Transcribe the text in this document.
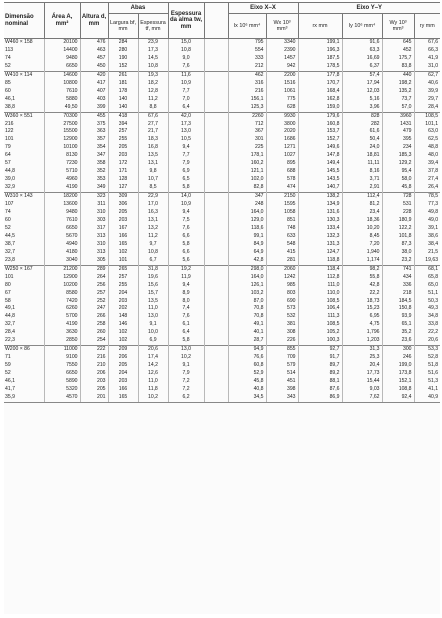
Dimensão nominal	Área A, mm²	Altura d, mm	Abas		Espessura da alma tw, mm		Eixo X–X		Eixo Y–Y			
			Largura bf, mm	Espessura tf, mm			Ix 10⁶ mm⁴	Wx 10³ mm³	rx mm	Iy 10⁶ mm⁴	Wy 10³ mm³	ry mm
W460 × 158	20100	476	284	23,9	15,0		795	3340	199,1	91,6	645	67,6
113	14400	463	280	17,3	10,8		554	2390	196,3	63,3	452	66,3
74	9480	457	190	14,5	9,0		333	1457	187,5	16,69	175,7	41,9
52	6650	450	152	10,8	7,6		212	942	178,5	6,37	83,8	31,0
W410 × 114	14600	420	261	19,3	11,6		462	2200	177,8	57,4	440	62,7
85	10800	417	181	18,2	10,9		316	1516	170,7	17,94	198,2	40,6
60	7610	407	178	12,8	7,7		216	1061	168,4	12,03	135,2	39,9
46,1	5880	403	140	11,2	7,0		156,1	775	162,8	5,16	73,7	29,7
38,8	49,50	399	140	8,8	6,4		125,3	628	159,0	3,96	57,0	28,4
W360 × 551	70300	455	418	67,6	42,0		2260	9930	179,6	828	3960	108,5
216	27500	375	394	27,7	17,3		712	3800	160,8	282	1431	101,1
122	15500	363	257	21,7	13,0		367	2020	153,7	61,6	479	63,0
101	12900	357	255	18,3	10,5		301	1686	152,7	50,4	395	62,5
79	10100	354	205	16,8	9,4		225	1271	149,6	24,0	234	48,8
64	8130	347	203	13,5	7,7		178,1	1027	147,8	18,81	185,3	48,0
57	7230	358	172	13,1	7,9		160,2	895	149,4	11,11	129,2	39,4
44,8	5710	352	171	9,8	6,9		121,1	688	145,5	8,16	95,4	37,8
39,0	4960	353	128	10,7	6,5		102,0	578	143,5	3,71	58,0	27,4
32,9	4190	349	127	8,5	5,8		82,8	474	140,7	2,91	45,8	26,4
W310 × 143	18200	323	309	22,9	14,0		347	2150	138,2	112,4	728	78,5
107	13600	311	306	17,0	10,9		248	1595	134,9	81,2	531	77,3
74	9480	310	205	16,3	9,4		164,0	1058	131,6	23,4	228	49,8
60	7610	303	203	13,1	7,5		129,0	851	130,3	18,36	180,9	49,0
52	6650	317	167	13,2	7,6		118,6	748	133,4	10,20	122,2	39,1
44,5	5670	313	166	11,2	6,6		99,1	633	132,3	8,45	101,8	38,6
38,7	4940	310	165	9,7	5,8		84,9	548	131,3	7,20	87,3	38,4
32,7	4180	313	102	10,8	6,6		64,9	415	124,7	1,940	38,0	21,5
23,8	3040	305	101	6,7	5,6		42,8	281	118,8	1,174	23,2	19,63
W250 × 167	21200	289	265	31,8	19,2		298,0	2060	118,4	98,2	741	68,1
101	12900	264	257	19,6	11,9		164,0	1242	112,8	55,8	434	65,8
80	10200	256	255	15,6	9,4		126,1	985	111,0	42,8	336	65,0
67	8580	257	204	15,7	8,9		103,2	803	110,0	22,2	218	51,1
58	7420	252	203	13,5	8,0		87,0	690	108,5	18,73	184,5	50,3
49,1	6260	247	202	11,0	7,4		70,8	573	106,4	15,23	150,8	49,3
44,8	5700	266	148	13,0	7,6		70,8	532	111,3	6,95	93,9	34,8
32,7	4190	258	146	9,1	6,1		49,1	381	108,5	4,75	65,1	33,8
28,4	3630	260	102	10,0	6,4		40,1	308	105,2	1,796	35,2	22,2
22,3	2850	254	102	6,9	5,8		28,7	226	100,3	1,203	23,6	20,6
W200 × 86	11000	222	209	20,6	13,0		94,9	855	92,7	31,3	300	53,3
71	9100	216	206	17,4	10,2		76,6	709	91,7	25,3	246	52,8
59	7550	210	205	14,2	9,1		60,8	579	89,7	20,4	199,0	51,8
52	6650	206	204	12,6	7,9		52,9	514	89,2	17,73	173,8	51,6
46,1	5890	203	203	11,0	7,2		45,8	451	88,1	15,44	152,1	51,3
41,7	5320	205	166	11,8	7,2		40,8	398	87,6	9,03	108,8	41,1
35,9	4570	201	165	10,2	6,2		34,5	343	86,9	7,62	92,4	40,9
